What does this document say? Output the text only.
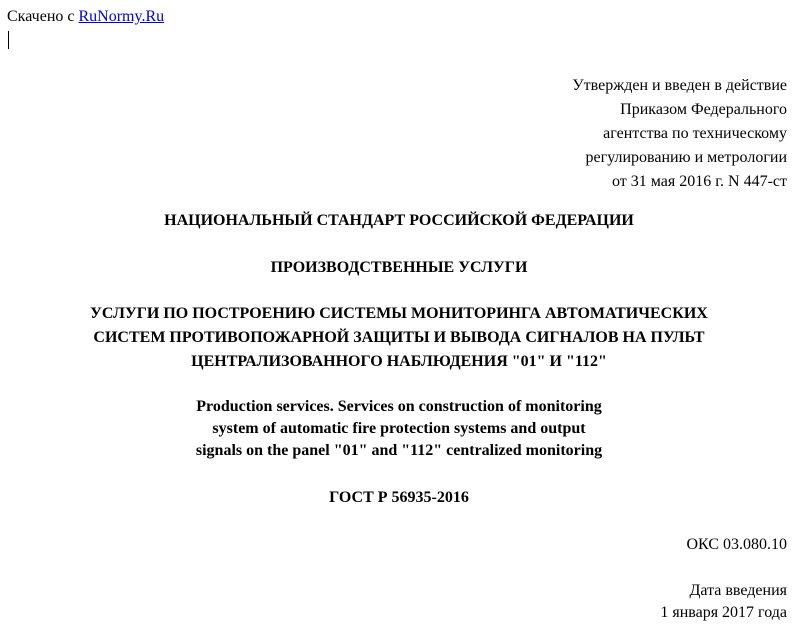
Скачено с RuNormy.Ru
Утвержден и введен в действие
Приказом Федерального
агентства по техническому
регулированию и метрологии
от 31 мая 2016 г. N 447-ст
НАЦИОНАЛЬНЫЙ СТАНДАРТ РОССИЙСКОЙ ФЕДЕРАЦИИ
ПРОИЗВОДСТВЕННЫЕ УСЛУГИ
УСЛУГИ ПО ПОСТРОЕНИЮ СИСТЕМЫ МОНИТОРИНГА АВТОМАТИЧЕСКИХ
СИСТЕМ ПРОТИВОПОЖАРНОЙ ЗАЩИТЫ И ВЫВОДА СИГНАЛОВ НА ПУЛЬТ
ЦЕНТРАЛИЗОВАННОГО НАБЛЮДЕНИЯ "01" И "112"
Production services. Services on construction of monitoring
system of automatic fire protection systems and output
signals on the panel "01" and "112" centralized monitoring
ГОСТ Р 56935-2016
ОКС 03.080.10
Дата введения
1 января 2017 года
